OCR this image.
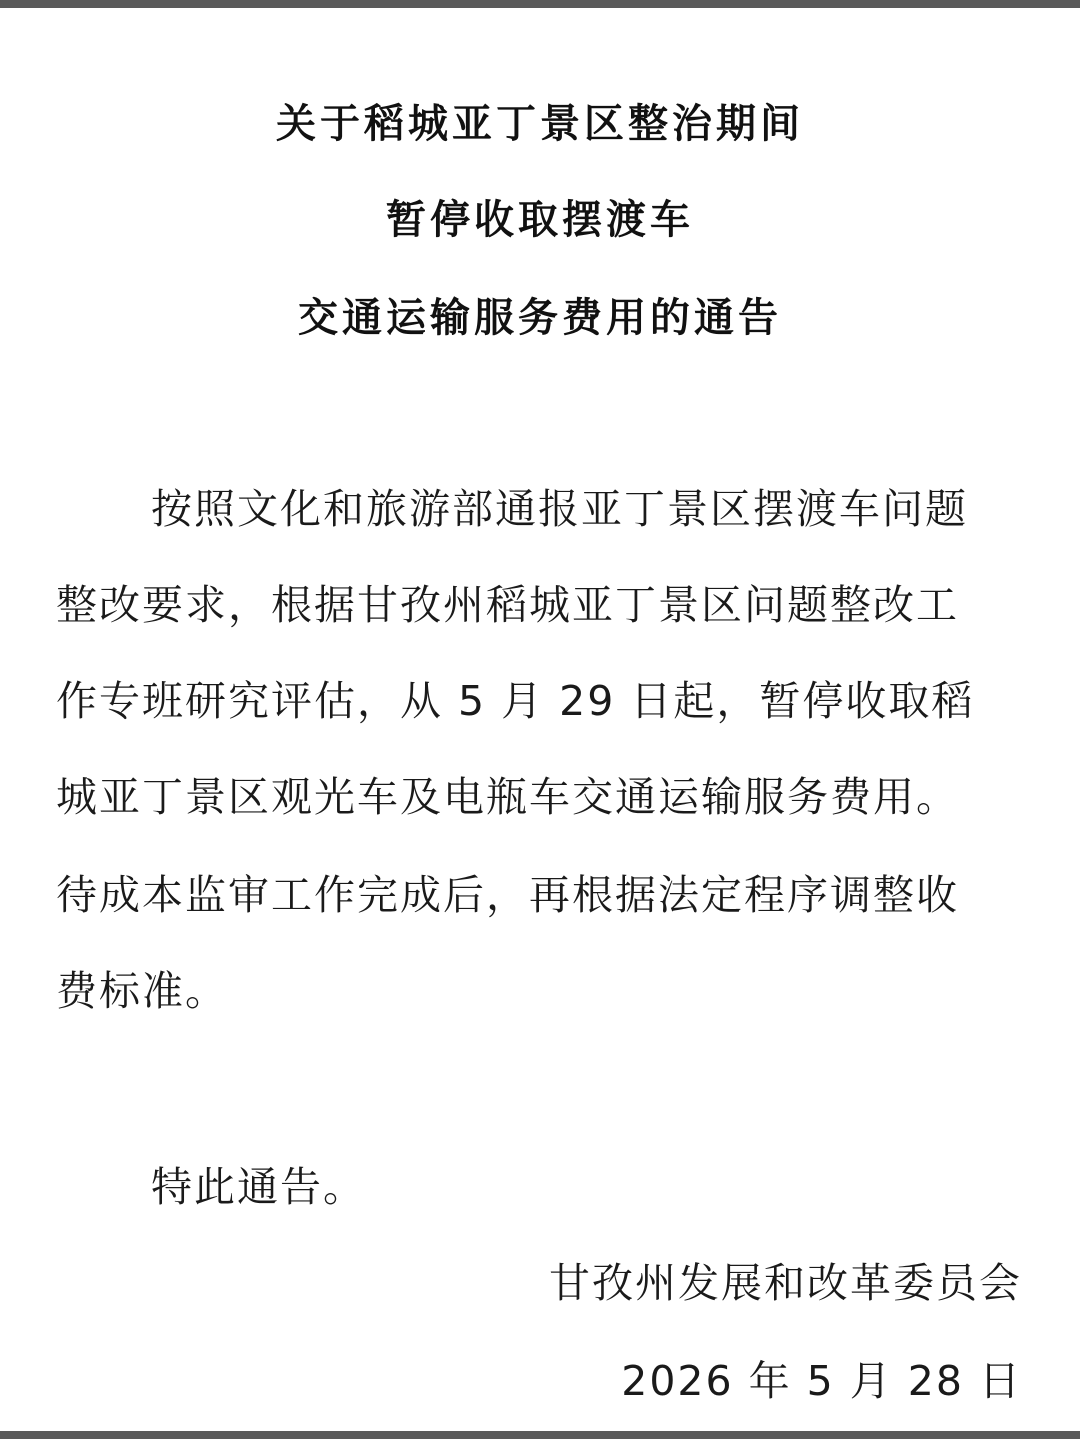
关于稻城亚丁景区整治期间
暂停收取摆渡车
交通运输服务费用的通告
按照文化和旅游部通报亚丁景区摆渡车问题
整改要求，根据甘孜州稻城亚丁景区问题整改工
作专班研究评估，从 5 月 29 日起，暂停收取稻
城亚丁景区观光车及电瓶车交通运输服务费用。
待成本监审工作完成后，再根据法定程序调整收
费标准。
特此通告。
甘孜州发展和改革委员会
2026 年 5 月 28 日
